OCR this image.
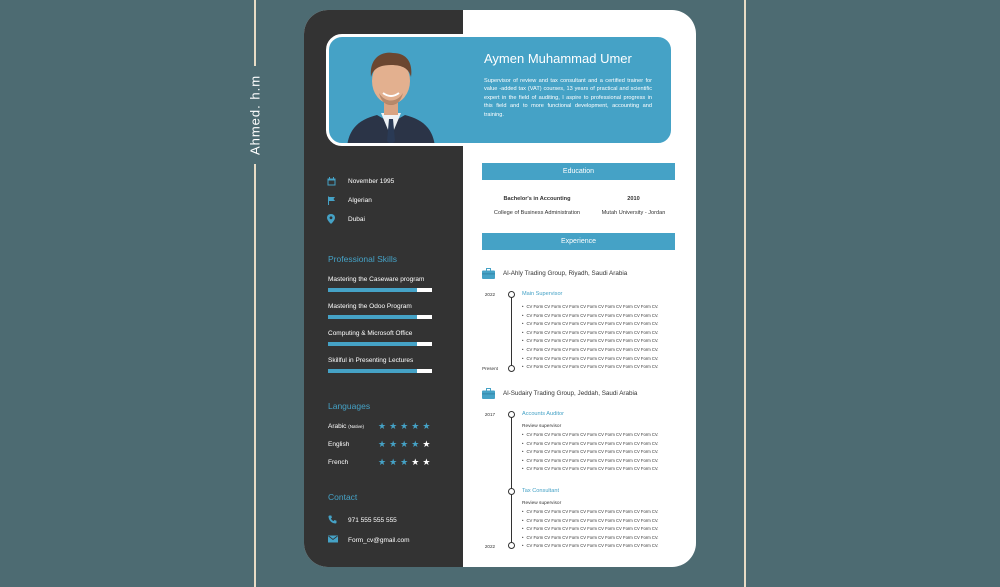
Ahmed. h.m
Aymen Muhammad Umer
Supervisor of review and tax consultant and a certified trainer for value -added tax (VAT) courses, 13 years of practical and scientific expert in the field of auditing, I aspire to professional progress in this field and to more functional development, accounting and training.
November 1995
Algerian
Dubai
Professional Skills
Mastering the Caseware program
Mastering the Odoo Program
Computing & Microsoft Office
Skillful in Presenting Lectures
Languages
Arabic (Native)	★ ★ ★ ★ ★
English	★ ★ ★ ★ ★
French	★ ★ ★ ★ ★
Contact
971 555 555 555
Form_cv@gmail.com
Education
Bachelor's in Accounting	2010
College of Business Administration	Mutah University - Jordan
Experience
Al-Ahly Trading Group, Riyadh, Saudi Arabia
2022
Present
Main Supervisor
• CV Form CV Form CV Form CV Form CV Form CV Form CV Form CV.
• CV Form CV Form CV Form CV Form CV Form CV Form CV Form CV.
• CV Form CV Form CV Form CV Form CV Form CV Form CV Form CV.
• CV Form CV Form CV Form CV Form CV Form CV Form CV Form CV.
• CV Form CV Form CV Form CV Form CV Form CV Form CV Form CV.
• CV Form CV Form CV Form CV Form CV Form CV Form CV Form CV.
• CV Form CV Form CV Form CV Form CV Form CV Form CV Form CV.
• CV Form CV Form CV Form CV Form CV Form CV Form CV Form CV.
Al-Sudairy Trading Group, Jeddah, Saudi Arabia
2017
2022
Accounts Auditor
Review supervisor
• CV Form CV Form CV Form CV Form CV Form CV Form CV Form CV.
• CV Form CV Form CV Form CV Form CV Form CV Form CV Form CV.
• CV Form CV Form CV Form CV Form CV Form CV Form CV Form CV.
• CV Form CV Form CV Form CV Form CV Form CV Form CV Form CV.
• CV Form CV Form CV Form CV Form CV Form CV Form CV Form CV.
Tax Consultant
Review supervisor
• CV Form CV Form CV Form CV Form CV Form CV Form CV Form CV.
• CV Form CV Form CV Form CV Form CV Form CV Form CV Form CV.
• CV Form CV Form CV Form CV Form CV Form CV Form CV Form CV.
• CV Form CV Form CV Form CV Form CV Form CV Form CV Form CV.
• CV Form CV Form CV Form CV Form CV Form CV Form CV Form CV.
